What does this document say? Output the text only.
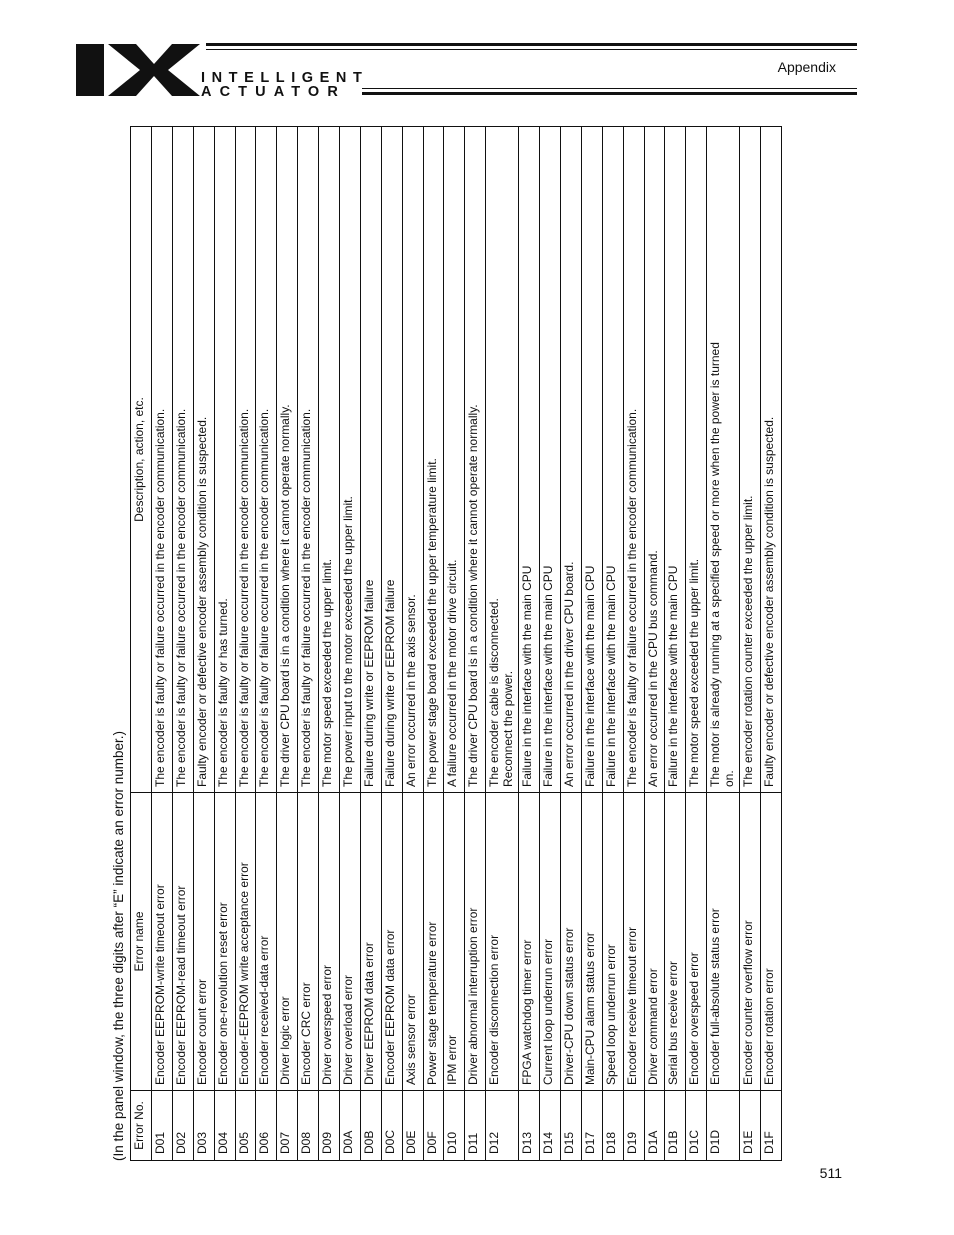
INTELLIGENT
ACTUATOR
Appendix
(In the panel window, the three digits after “E” indicate an error number.) Error No.	Error name	Description, action, etc.
D01	Encoder EEPROM-write timeout error	The encoder is faulty or failure occurred in the encoder communication.
D02	Encoder EEPROM-read timeout error	The encoder is faulty or failure occurred in the encoder communication.
D03	Encoder count error	Faulty encoder or defective encoder assembly condition is suspected.
D04	Encoder one-revolution reset error	The encoder is faulty or has turned.
D05	Encoder-EEPROM write acceptance error	The encoder is faulty or failure occurred in the encoder communication.
D06	Encoder received-data error	The encoder is faulty or failure occurred in the encoder communication.
D07	Driver logic error	The driver CPU board is in a condition where it cannot operate normally.
D08	Encoder CRC error	The encoder is faulty or failure occurred in the encoder communication.
D09	Driver overspeed error	The motor speed exceeded the upper limit.
D0A	Driver overload error	The power input to the motor exceeded the upper limit.
D0B	Driver EEPROM data error	Failure during write or EEPROM failure
D0C	Encoder EEPROM data error	Failure during write or EEPROM failure
D0E	Axis sensor error	An error occurred in the axis sensor.
D0F	Power stage temperature error	The power stage board exceeded the upper temperature limit.
D10	IPM error	A failure occurred in the motor drive circuit.
D11	Driver abnormal interruption error	The driver CPU board is in a condition where it cannot operate normally.
D12	Encoder disconnection error	The encoder cable is disconnected.
Reconnect the power.
D13	FPGA watchdog timer error	Failure in the interface with the main CPU
D14	Current loop underrun error	Failure in the interface with the main CPU
D15	Driver-CPU down status error	An error occurred in the driver CPU board.
D17	Main-CPU alarm status error	Failure in the interface with the main CPU
D18	Speed loop underrun error	Failure in the interface with the main CPU
D19	Encoder receive timeout error	The encoder is faulty or failure occurred in the encoder communication.
D1A	Driver command error	An error occurred in the CPU bus command.
D1B	Serial bus receive error	Failure in the interface with the main CPU
D1C	Encoder overspeed error	The motor speed exceeded the upper limit.
D1D	Encoder full-absolute status error	The motor is already running at a specified speed or more when the power is turned
on.
D1E	Encoder counter overflow error	The encoder rotation counter exceeded the upper limit.
D1F	Encoder rotation error	Faulty encoder or defective encoder assembly condition is suspected.
511
